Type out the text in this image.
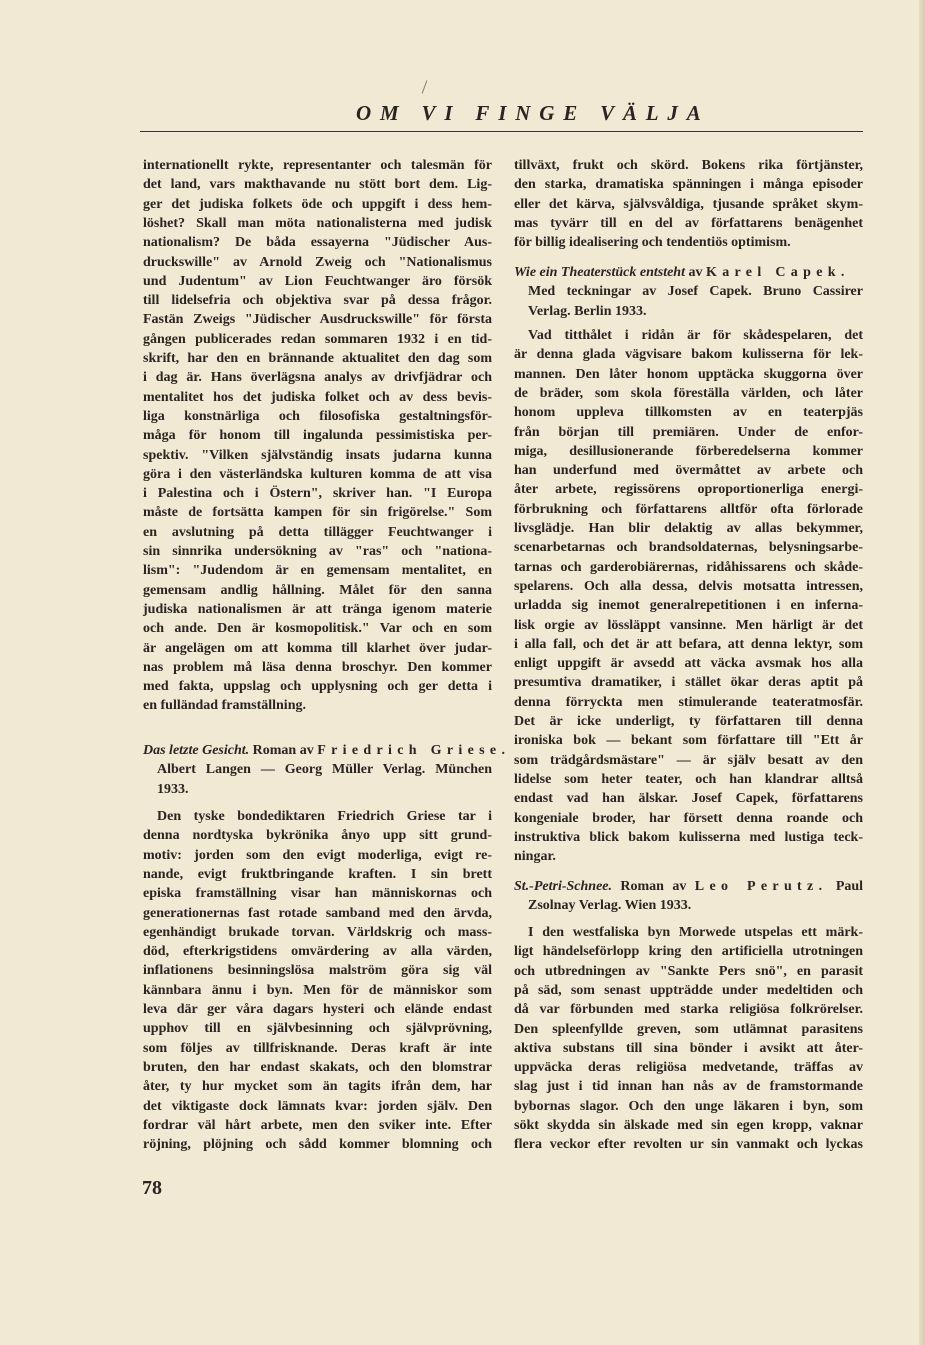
OM VI FINGE VÄLJA
internationellt rykte, representanter och talesmän för
det land, vars makthavande nu stött bort dem. Lig-
ger det judiska folkets öde och uppgift i dess hem-
löshet? Skall man möta nationalisterna med judisk
nationalism? De båda essayerna "Jüdischer Aus-
druckswille" av Arnold Zweig och "Nationalismus
und Judentum" av Lion Feuchtwanger äro försök
till lidelsefria och objektiva svar på dessa frågor.
Fastän Zweigs "Jüdischer Ausdruckswille" för första
gången publicerades redan sommaren 1932 i en tid-
skrift, har den en brännande aktualitet den dag som
i dag är. Hans överlägsna analys av drivfjädrar och
mentalitet hos det judiska folket och av dess bevis-
liga konstnärliga och filosofiska gestaltningsför-
måga för honom till ingalunda pessimistiska per-
spektiv. "Vilken självständig insats judarna kunna
göra i den västerländska kulturen komma de att visa
i Palestina och i Östern", skriver han. "I Europa
måste de fortsätta kampen för sin frigörelse." Som
en avslutning på detta tillägger Feuchtwanger i
sin sinnrika undersökning av "ras" och "nationa-
lism": "Judendom är en gemensam mentalitet, en
gemensam andlig hållning. Målet för den sanna
judiska nationalismen är att tränga igenom materie
och ande. Den är kosmopolitisk." Var och en som
är angelägen om att komma till klarhet över judar-
nas problem må läsa denna broschyr. Den kommer
med fakta, uppslag och upplysning och ger detta i
en fulländad framställning.
Das letzte Gesicht. Roman av Friedrich Griese.
Albert Langen — Georg Müller Verlag. München
1933.
Den tyske bondediktaren Friedrich Griese tar i
denna nordtyska bykrönika ånyo upp sitt grund-
motiv: jorden som den evigt moderliga, evigt re-
nande, evigt fruktbringande kraften. I sin brett
episka framställning visar han människornas och
generationernas fast rotade samband med den ärvda,
egenhändigt brukade torvan. Världskrig och mass-
död, efterkrigstidens omvärdering av alla värden,
inflationens besinningslösa malström göra sig väl
kännbara ännu i byn. Men för de människor som
leva där ger våra dagars hysteri och elände endast
upphov till en självbesinning och självprövning,
som följes av tillfrisknande. Deras kraft är inte
bruten, den har endast skakats, och den blomstrar
åter, ty hur mycket som än tagits ifrån dem, har
det viktigaste dock lämnats kvar: jorden själv. Den
fordrar väl hårt arbete, men den sviker inte. Efter
röjning, plöjning och sådd kommer blomning och
tillväxt, frukt och skörd. Bokens rika förtjänster,
den starka, dramatiska spänningen i många episoder
eller det kärva, självsvåldiga, tjusande språket skym-
mas tyvärr till en del av författarens benägenhet
för billig idealisering och tendentiös optimism.
Wie ein Theaterstück entsteht av Karel Capek.
Med teckningar av Josef Capek. Bruno Cassirer
Verlag. Berlin 1933.
Vad titthålet i ridån är för skådespelaren, det
är denna glada vägvisare bakom kulisserna för lek-
mannen. Den låter honom upptäcka skuggorna över
de bräder, som skola föreställa världen, och låter
honom uppleva tillkomsten av en teaterpjäs
från början till premiären. Under de enfor-
miga, desillusionerande förberedelserna kommer
han underfund med övermåttet av arbete och
åter arbete, regissörens oproportionerliga energi-
förbrukning och författarens alltför ofta förlorade
livsglädje. Han blir delaktig av allas bekymmer,
scenarbetarnas och brandsoldaternas, belysningsarbe-
tarnas och garderobiärernas, ridåhissarens och skåde-
spelarens. Och alla dessa, delvis motsatta intressen,
urladda sig inemot generalrepetitionen i en inferna-
lisk orgie av lössläppt vansinne. Men härligt är det
i alla fall, och det är att befara, att denna lektyr, som
enligt uppgift är avsedd att väcka avsmak hos alla
presumtiva dramatiker, i stället ökar deras aptit på
denna förryckta men stimulerande teateratmosfär.
Det är icke underligt, ty författaren till denna
ironiska bok — bekant som författare till "Ett år
som trädgårdsmästare" — är själv besatt av den
lidelse som heter teater, och han klandrar alltså
endast vad han älskar. Josef Capek, författarens
kongeniale broder, har försett denna roande och
instruktiva blick bakom kulisserna med lustiga teck-
ningar.
St.-Petri-Schnee. Roman av Leo Perutz. Paul
Zsolnay Verlag. Wien 1933.
I den westfaliska byn Morwede utspelas ett märk-
ligt händelseförlopp kring den artificiella utrotningen
och utbredningen av "Sankte Pers snö", en parasit
på säd, som senast uppträdde under medeltiden och
då var förbunden med starka religiösa folkrörelser.
Den spleenfyllde greven, som utlämnat parasitens
aktiva substans till sina bönder i avsikt att åter-
uppväcka deras religiösa medvetande, träffas av
slag just i tid innan han nås av de framstormande
bybornas slagor. Och den unge läkaren i byn, som
sökt skydda sin älskade med sin egen kropp, vaknar
flera veckor efter revolten ur sin vanmakt och lyckas
78
